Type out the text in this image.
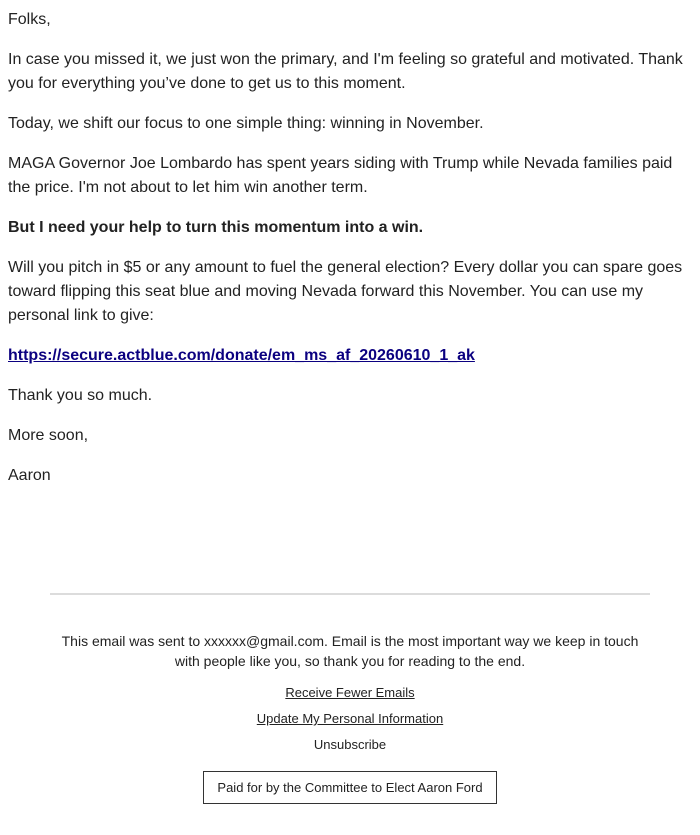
Folks,

In case you missed it, we just won the primary, and I'm feeling so grateful and motivated. Thank you for everything you’ve done to get us to this moment.

Today, we shift our focus to one simple thing: winning in November.

MAGA Governor Joe Lombardo has spent years siding with Trump while Nevada families paid the price. I'm not about to let him win another term.

But I need your help to turn this momentum into a win.

Will you pitch in $5 or any amount to fuel the general election? Every dollar you can spare goes toward flipping this seat blue and moving Nevada forward this November. You can use my personal link to give:

https://secure.actblue.com/donate/em_ms_af_20260610_1_ak

Thank you so much.

More soon,

Aaron

This email was sent to xxxxxx@gmail.com. Email is the most important way we keep in touch with people like you, so thank you for reading to the end.

Receive Fewer Emails
Update My Personal Information
Unsubscribe
Paid for by the Committee to Elect Aaron Ford
